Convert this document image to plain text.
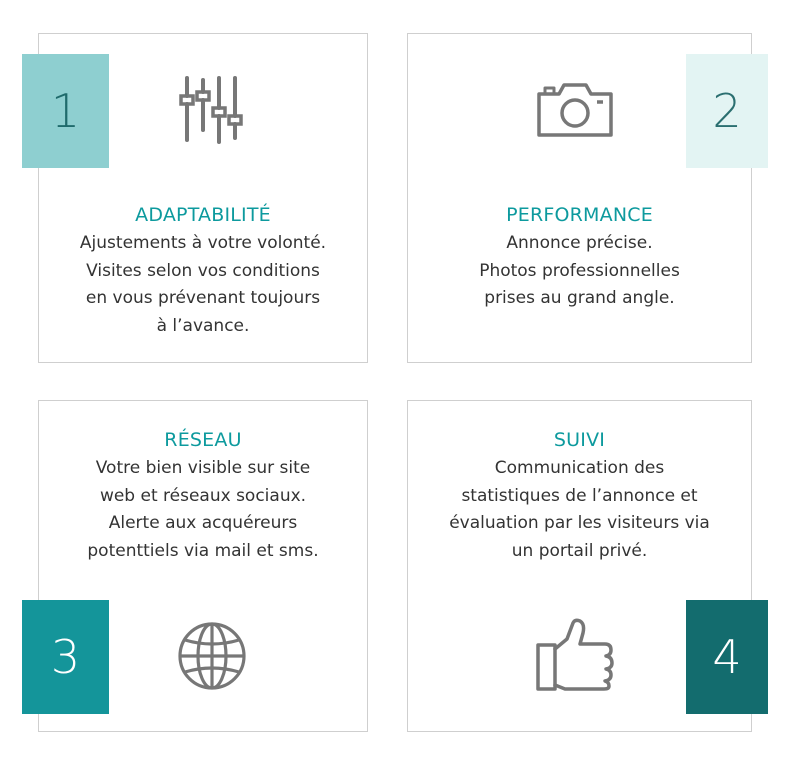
1	2
3	4
ADAPTABILITÉ
Ajustements à votre volonté.
Visites selon vos conditions
en vous prévenant toujours
à l’avance.
PERFORMANCE
Annonce précise.
Photos professionnelles
prises au grand angle.
RÉSEAU
Votre bien visible sur site
web et réseaux sociaux.
Alerte aux acquéreurs
potenttiels via mail et sms.
SUIVI
Communication des
statistiques de l’annonce et
évaluation par les visiteurs via
un portail privé.
